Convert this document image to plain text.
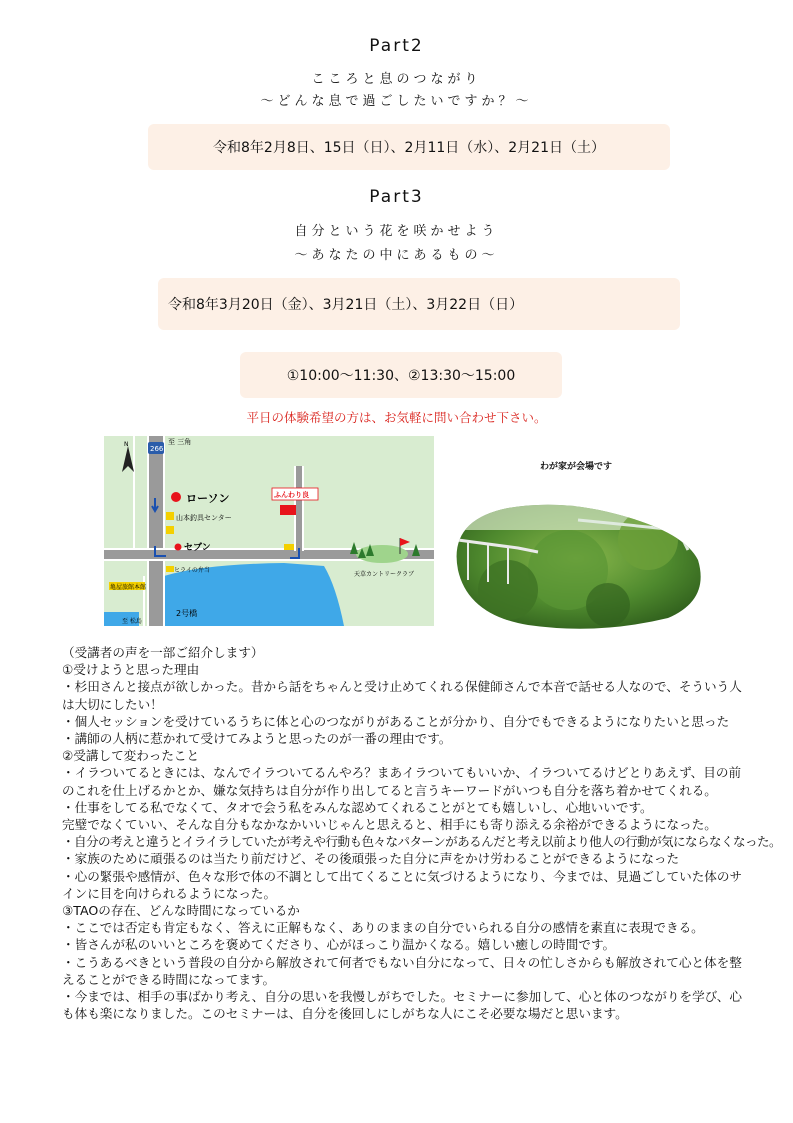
Part2
こころと息のつながり
～どんな息で過ごしたいですか？～
令和8年2月8日、15日（日）、2月11日（水）、2月21日（土）
Part3
自分という花を咲かせよう
～あなたの中にあるもの～
令和8年3月20日（金）、3月21日（土）、3月22日（日）
①10:00～11:30、②13:30～15:00
平日の体験希望の方は、お気軽に問い合わせ下さい。
N
266
至 三角
ローソン
山本釣具センター
セブン
ふんわり良
ヒライの弁当
亀屋旅館本館
2号橋
至 松島
天草カントリークラブ
わが家が会場です

（受講者の声を一部ご紹介します）

①受けようと思った理由

・杉田さんと接点が欲しかった。昔から話をちゃんと受け止めてくれる保健師さんで本音で話せる人なので、そういう人は大切にしたい！

・個人セッションを受けているうちに体と心のつながりがあることが分かり、自分でもできるようになりたいと思った

・講師の人柄に惹かれて受けてみようと思ったのが一番の理由です。

②受講して変わったこと

・イラついてるときには、なんでイラついてるんやろ？まあイラついてもいいか、イラついてるけどとりあえず、目の前のこれを仕上げるかとか、嫌な気持ちは自分が作り出してると言うキーワードがいつも自分を落ち着かせてくれる。

・仕事をしてる私でなくて、タオで会う私をみんな認めてくれることがとても嬉しいし、心地いいです。

完璧でなくていい、そんな自分もなかなかいいじゃんと思えると、相手にも寄り添える余裕ができるようになった。

・自分の考えと違うとイライラしていたが考えや行動も色々なパターンがあるんだと考え以前より他人の行動が気にならなくなった。

・家族のために頑張るのは当たり前だけど、その後頑張った自分に声をかけ労わることができるようになった

・心の緊張や感情が、色々な形で体の不調として出てくることに気づけるようになり、今までは、見過ごしていた体のサインに目を向けられるようになった。

③TAOの存在、どんな時間になっているか

・ここでは否定も肯定もなく、答えに正解もなく、ありのままの自分でいられる自分の感情を素直に表現できる。

・皆さんが私のいいところを褒めてくださり、心がほっこり温かくなる。嬉しい癒しの時間です。

・こうあるべきという普段の自分から解放されて何者でもない自分になって、日々の忙しさからも解放されて心と体を整えることができる時間になってます。

・今までは、相手の事ばかり考え、自分の思いを我慢しがちでした。セミナーに参加して、心と体のつながりを学び、心も体も楽になりました。このセミナーは、自分を後回しにしがちな人にこそ必要な場だと思います。
